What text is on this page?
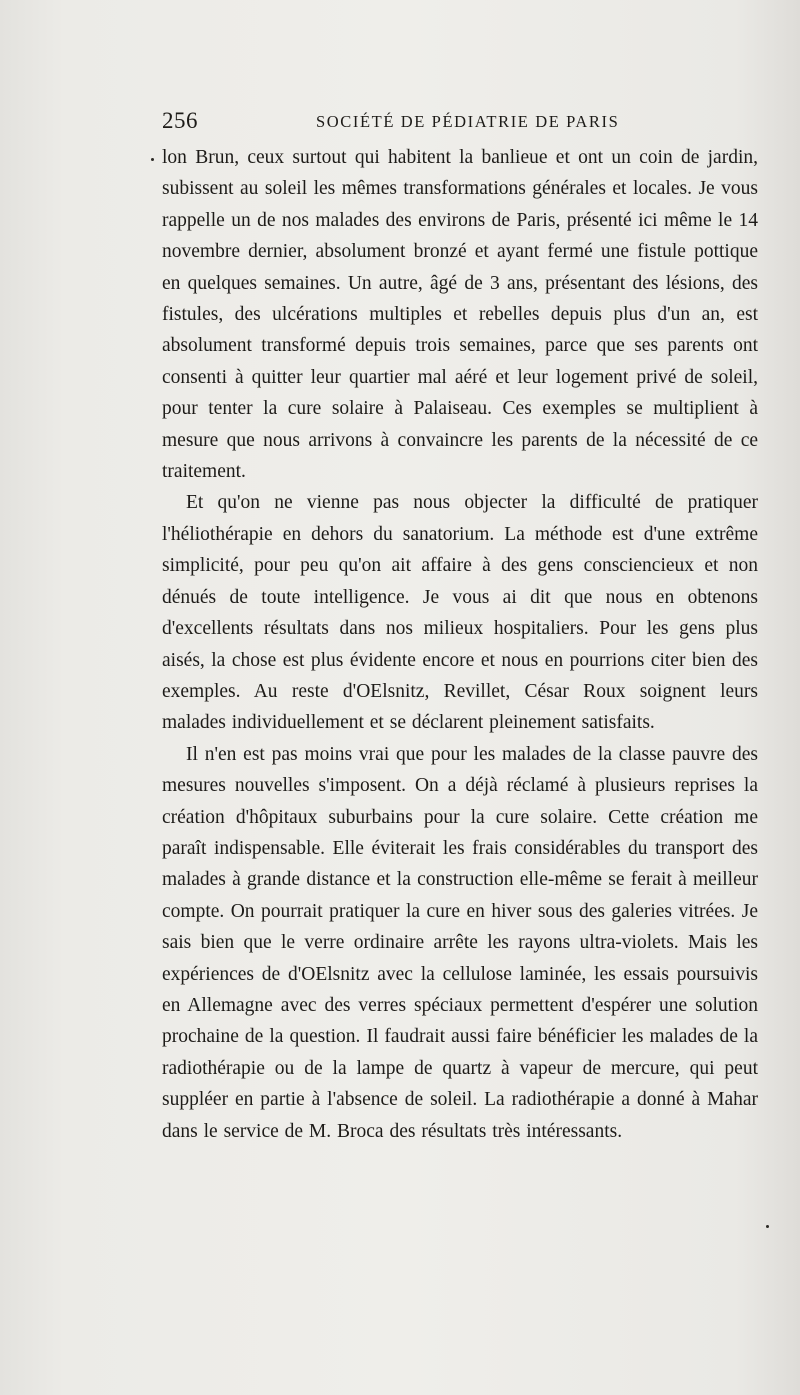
256	SOCIÉTÉ DE PÉDIATRIE DE PARIS

lon Brun, ceux surtout qui habitent la banlieue et ont un coin de jardin, subissent au soleil les mêmes transformations générales et locales. Je vous rappelle un de nos malades des environs de Paris, présenté ici même le 14 novembre dernier, absolument bronzé et ayant fermé une fistule pottique en quelques semaines. Un autre, âgé de 3 ans, présentant des lésions, des fistules, des ulcérations multiples et rebelles depuis plus d'un an, est absolument transformé depuis trois semaines, parce que ses parents ont consenti à quitter leur quartier mal aéré et leur logement privé de soleil, pour tenter la cure solaire à Palaiseau. Ces exemples se multiplient à mesure que nous arrivons à convaincre les parents de la nécessité de ce traitement.

Et qu'on ne vienne pas nous objecter la difficulté de pratiquer l'héliothérapie en dehors du sanatorium. La méthode est d'une extrême simplicité, pour peu qu'on ait affaire à des gens consciencieux et non dénués de toute intelligence. Je vous ai dit que nous en obtenons d'excellents résultats dans nos milieux hospitaliers. Pour les gens plus aisés, la chose est plus évidente encore et nous en pourrions citer bien des exemples. Au reste d'OElsnitz, Revillet, César Roux soignent leurs malades individuellement et se déclarent pleinement satisfaits.

Il n'en est pas moins vrai que pour les malades de la classe pauvre des mesures nouvelles s'imposent. On a déjà réclamé à plusieurs reprises la création d'hôpitaux suburbains pour la cure solaire. Cette création me paraît indispensable. Elle éviterait les frais considérables du transport des malades à grande distance et la construction elle-même se ferait à meilleur compte. On pourrait pratiquer la cure en hiver sous des galeries vitrées. Je sais bien que le verre ordinaire arrête les rayons ultra-violets. Mais les expériences de d'OElsnitz avec la cellulose laminée, les essais poursuivis en Allemagne avec des verres spéciaux permettent d'espérer une solution prochaine de la question. Il faudrait aussi faire bénéficier les malades de la radiothérapie ou de la lampe de quartz à vapeur de mercure, qui peut suppléer en partie à l'absence de soleil. La radiothérapie a donné à Mahar dans le service de M. Broca des résultats très intéressants.
